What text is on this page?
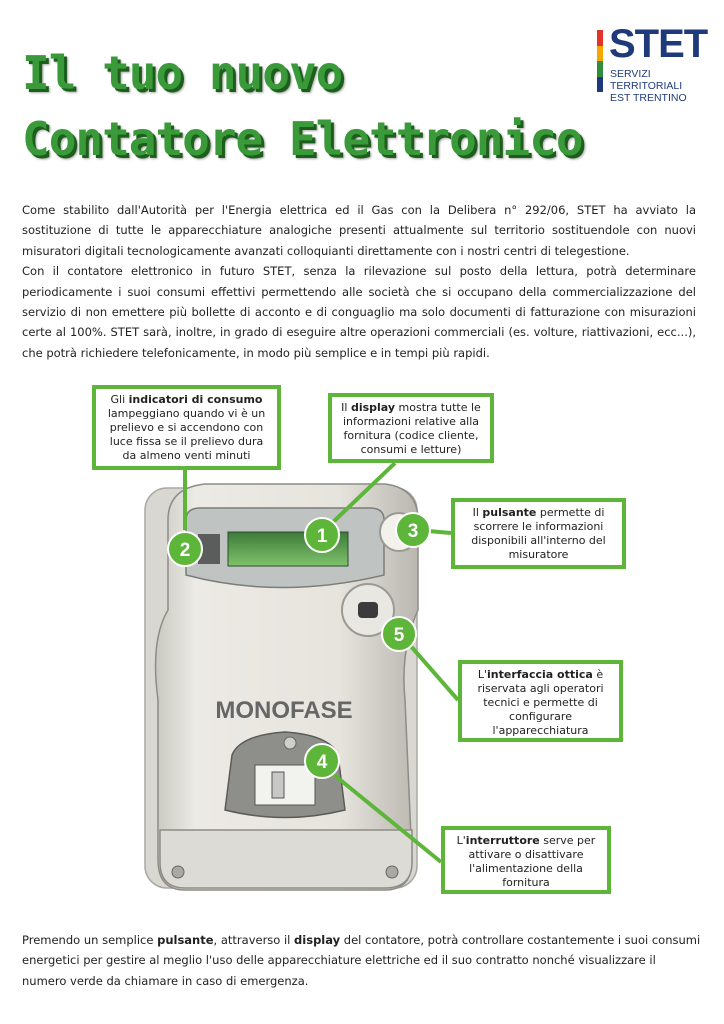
Il tuo nuovo
Contatore Elettronico
STET
SERVIZI TERRITORIALI
EST TRENTINO

Come stabilito dall'Autorità per l'Energia elettrica ed il Gas con la Delibera n° 292/06, STET ha avviato la sostituzione di tutte le apparecchiature analogiche presenti attualmente sul territorio sostituendole con nuovi misuratori digitali tecnologicamente avanzati colloquianti direttamente con i nostri centri di telegestione.

Con il contatore elettronico in futuro STET, senza la rilevazione sul posto della lettura, potrà determinare periodicamente i suoi consumi effettivi permettendo alle società che si occupano della commercializzazione del servizio di non emettere più bollette di acconto e di conguaglio ma solo documenti di fatturazione con misurazioni certe al 100%. STET sarà, inoltre, in grado di eseguire altre operazioni commerciali (es. volture, riattivazioni, ecc...), che potrà richiedere telefonicamente, in modo più semplice e in tempi più rapidi.

MONOFASE
1
2
3
4
5
Gli indicatori di consumo lampeggiano quando vi è un prelievo e si accendono con luce fissa se il prelievo dura da almeno venti minuti
Il display mostra tutte le informazioni relative alla fornitura (codice cliente, consumi e letture)
Il pulsante permette di scorrere le informazioni disponibili all'interno del misuratore
L'interfaccia ottica è riservata agli operatori tecnici e permette di configurare l'apparecchiatura
L'interruttore serve per attivare o disattivare l'alimentazione della fornitura

Premendo un semplice pulsante, attraverso il display del contatore, potrà controllare costantemente i suoi consumi energetici per gestire al meglio l'uso delle apparecchiature elettriche ed il suo contratto nonché visualizzare il numero verde da chiamare in caso di emergenza.
